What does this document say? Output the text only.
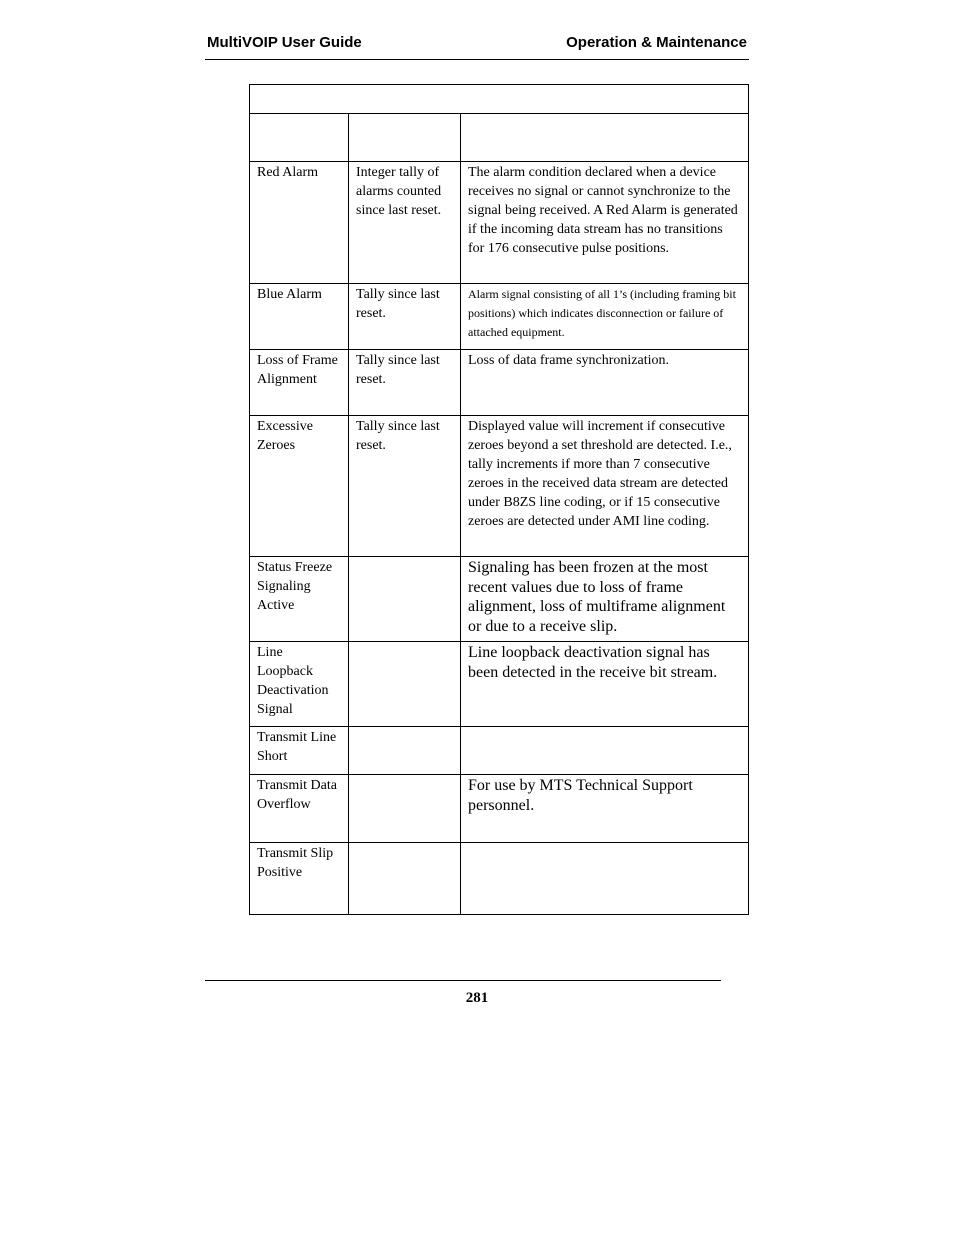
MultiVOIP User Guide	Operation & Maintenance

Red Alarm	Integer tally of alarms counted since last reset.	The alarm condition declared when a device receives no signal or cannot synchronize to the signal being received. A Red Alarm is generated if the incoming data stream has no transitions for 176 consecutive pulse positions.

Blue Alarm	Tally since last reset.	Alarm signal consisting of all 1’s (including framing bit positions) which indicates disconnection or failure of attached equipment.

Loss of Frame Alignment	Tally since last reset.	Loss of data frame synchronization.

Excessive Zeroes	Tally since last reset.	Displayed value will increment if consecutive zeroes beyond a set threshold are detected. I.e., tally increments if more than 7 consecutive zeroes in the received data stream are detected under B8ZS line coding, or if 15 consecutive zeroes are detected under AMI line coding.

Status Freeze Signaling Active		Signaling has been frozen at the most recent values due to loss of frame alignment, loss of multiframe alignment or due to a receive slip.

Line Loopback Deactivation Signal		Line loopback deactivation signal has been detected in the receive bit stream.

Transmit Line Short		

Transmit Data Overflow		For use by MTS Technical Support personnel.

Transmit Slip Positive		

281
